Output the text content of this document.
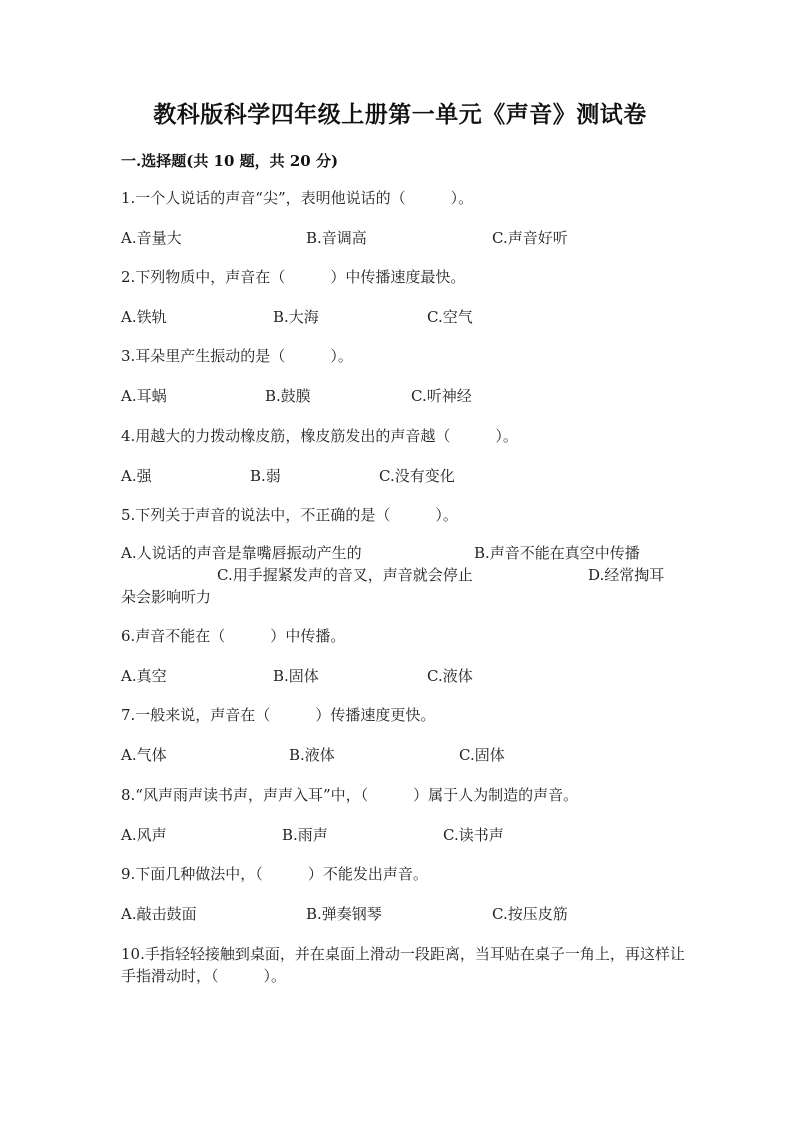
教科版科学四年级上册第一单元《声音》测试卷
一.选择题(共 10 题，共 20 分)
1.一个人说话的声音“尖”，表明他说话的（　　　）。
A.音量大	B.音调高	C.声音好听
2.下列物质中，声音在（　　　）中传播速度最快。
A.铁轨	B.大海	C.空气
3.耳朵里产生振动的是（　　　）。
A.耳蜗	B.鼓膜	C.听神经
4.用越大的力拨动橡皮筋，橡皮筋发出的声音越（　　　）。
A.强	B.弱	C.没有变化
5.下列关于声音的说法中，不正确的是（　　　）。
A.人说话的声音是靠嘴唇振动产生的	B.声音不能在真空中传播
C.用手握紧发声的音叉，声音就会停止	D.经常掏耳
朵会影响听力
6.声音不能在（　　　）中传播。
A.真空	B.固体	C.液体
7.一般来说，声音在（　　　）传播速度更快。
A.气体	B.液体	C.固体
8.“风声雨声读书声，声声入耳”中，（　　　）属于人为制造的声音。
A.风声	B.雨声	C.读书声
9.下面几种做法中，（　　　）不能发出声音。
A.敲击鼓面	B.弹奏钢琴	C.按压皮筋
10.手指轻轻接触到桌面，并在桌面上滑动一段距离，当耳贴在桌子一角上，再这样让手指滑动时，（　　　）。
